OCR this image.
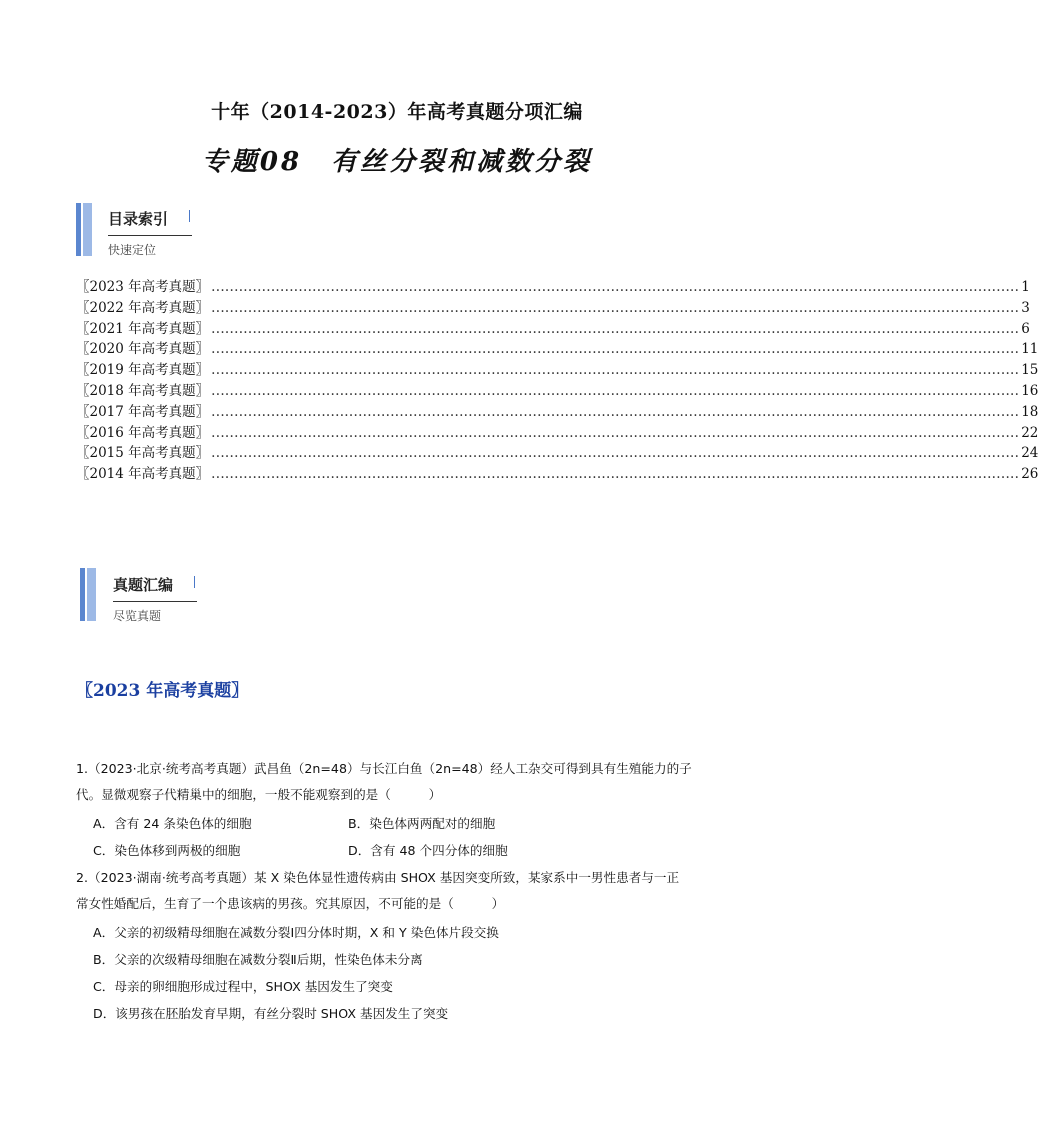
十年（2014-2023）年高考真题分项汇编
专题08　有丝分裂和减数分裂
目录索引
快速定位
〖2023 年高考真题〗 ................................................................................................................................................................................ 1
〖2022 年高考真题〗 ................................................................................................................................................................................ 3
〖2021 年高考真题〗 ................................................................................................................................................................................ 6
〖2020 年高考真题〗 ................................................................................................................................................................................ 11
〖2019 年高考真题〗 ................................................................................................................................................................................ 15
〖2018 年高考真题〗 ................................................................................................................................................................................ 16
〖2017 年高考真题〗 ................................................................................................................................................................................ 18
〖2016 年高考真题〗 ................................................................................................................................................................................ 22
〖2015 年高考真题〗 ................................................................................................................................................................................ 24
〖2014 年高考真题〗 ................................................................................................................................................................................ 26
真题汇编
尽览真题
〖2023 年高考真题〗
1.（2023·北京·统考高考真题）武昌鱼（2n=48）与长江白鱼（2n=48）经人工杂交可得到具有生殖能力的子
代。显微观察子代精巢中的细胞，一般不能观察到的是（　　　）
A．含有 24 条染色体的细胞	B．染色体两两配对的细胞
C．染色体移到两极的细胞	D．含有 48 个四分体的细胞
2.（2023·湖南·统考高考真题）某 X 染色体显性遗传病由 SHOX 基因突变所致，某家系中一男性患者与一正
常女性婚配后，生育了一个患该病的男孩。究其原因，不可能的是（　　　）
A．父亲的初级精母细胞在减数分裂Ⅰ四分体时期，X 和 Y 染色体片段交换
B．父亲的次级精母细胞在减数分裂Ⅱ后期，性染色体未分离
C．母亲的卵细胞形成过程中，SHOX 基因发生了突变
D．该男孩在胚胎发育早期，有丝分裂时 SHOX 基因发生了突变
